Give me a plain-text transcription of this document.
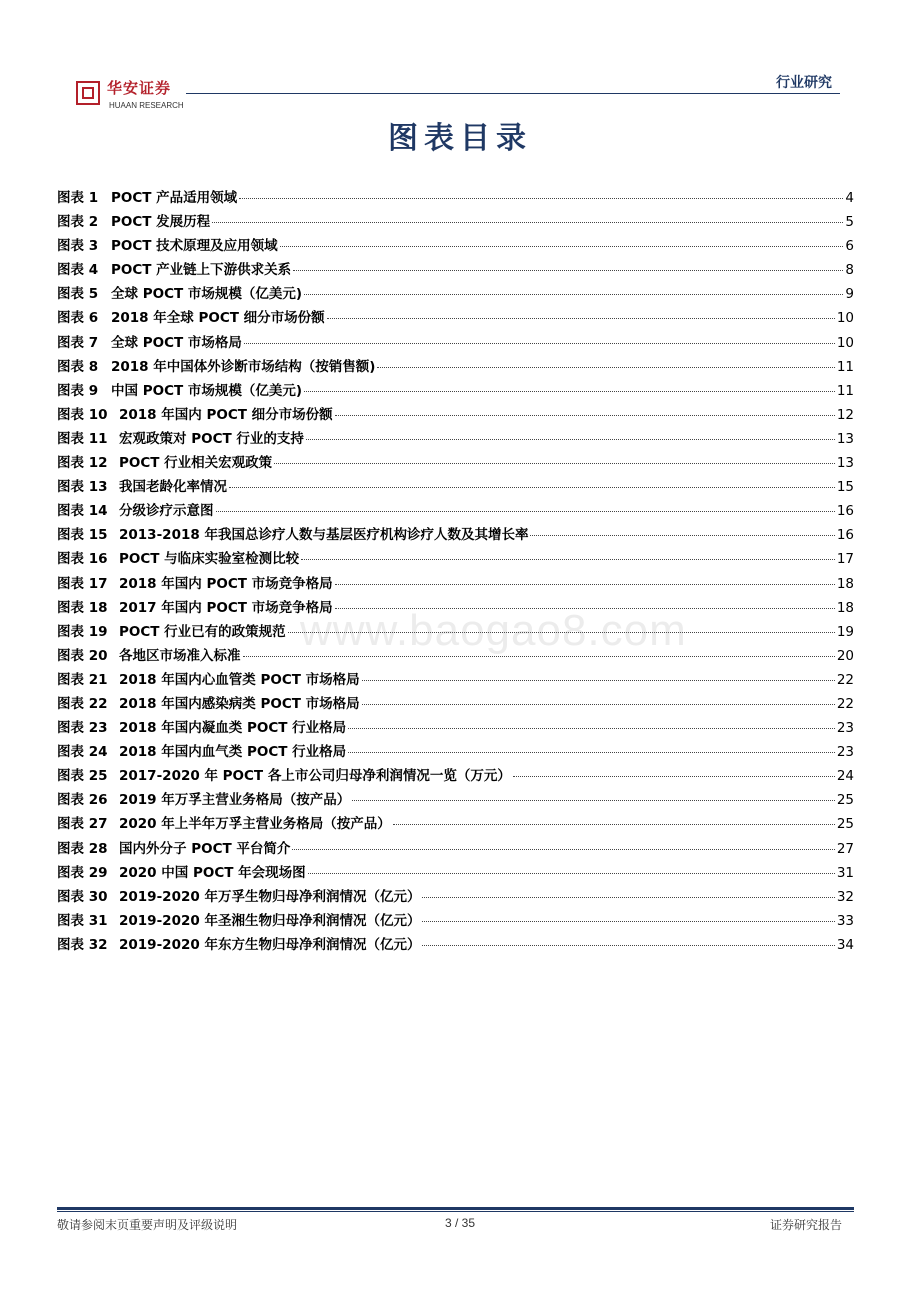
华安证券
HUAAN RESEARCH
行业研究
图表目录
图表 1 POCT 产品适用领域	4
图表 2 POCT 发展历程	5
图表 3 POCT 技术原理及应用领域	6
图表 4 POCT 产业链上下游供求关系	8
图表 5 全球 POCT 市场规模（亿美元)	9
图表 6 2018 年全球 POCT 细分市场份额	10
图表 7 全球 POCT 市场格局	10
图表 8 2018 年中国体外诊断市场结构（按销售额)	11
图表 9 中国 POCT 市场规模（亿美元)	11
图表 10 2018 年国内 POCT 细分市场份额	12
图表 11 宏观政策对 POCT 行业的支持	13
图表 12 POCT 行业相关宏观政策	13
图表 13 我国老龄化率情况	15
图表 14 分级诊疗示意图	16
图表 15 2013-2018 年我国总诊疗人数与基层医疗机构诊疗人数及其增长率	16
图表 16 POCT 与临床实验室检测比较	17
图表 17 2018 年国内 POCT 市场竞争格局	18
图表 18 2017 年国内 POCT 市场竞争格局	18
图表 19 POCT 行业已有的政策规范	19
图表 20 各地区市场准入标准	20
图表 21 2018 年国内心血管类 POCT 市场格局	22
图表 22 2018 年国内感染病类 POCT 市场格局	22
图表 23 2018 年国内凝血类 POCT 行业格局	23
图表 24 2018 年国内血气类 POCT 行业格局	23
图表 25 2017-2020 年 POCT 各上市公司归母净利润情况一览（万元）	24
图表 26 2019 年万孚主营业务格局（按产品）	25
图表 27 2020 年上半年万孚主营业务格局（按产品）	25
图表 28 国内外分子 POCT 平台简介	27
图表 29 2020 中国 POCT 年会现场图	31
图表 30 2019-2020 年万孚生物归母净利润情况（亿元）	32
图表 31 2019-2020 年圣湘生物归母净利润情况（亿元）	33
图表 32 2019-2020 年东方生物归母净利润情况（亿元）	34
www.baogao8.com
敬请参阅末页重要声明及评级说明	3 / 35	证券研究报告
